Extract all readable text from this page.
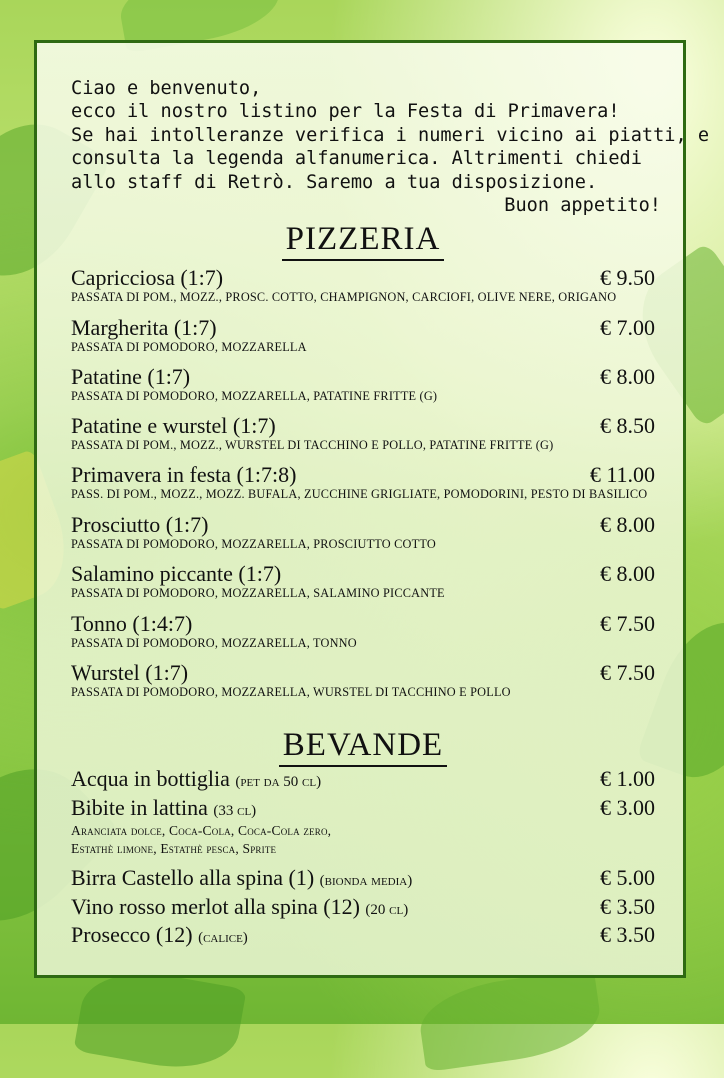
Ciao e benvenuto,
ecco il nostro listino per la Festa di Primavera!
Se hai intolleranze verifica i numeri vicino ai piatti, e
consulta la legenda alfanumerica. Altrimenti chiedi
allo staff di Retrò. Saremo a tua disposizione.
Buon appetito!
PIZZERIA
Capricciosa (1:7)	€ 9.50
PASSATA DI POM., MOZZ., PROSC. COTTO, CHAMPIGNON, CARCIOFI, OLIVE NERE, ORIGANO
Margherita (1:7)	€ 7.00
PASSATA DI POMODORO, MOZZARELLA
Patatine (1:7)	€ 8.00
PASSATA DI POMODORO, MOZZARELLA, PATATINE FRITTE (G)
Patatine e wurstel (1:7)	€ 8.50
PASSATA DI POM., MOZZ., WURSTEL DI TACCHINO E POLLO, PATATINE FRITTE (G)
Primavera in festa (1:7:8)	€ 11.00
PASS. DI POM., MOZZ., MOZZ. BUFALA, ZUCCHINE GRIGLIATE, POMODORINI, PESTO DI BASILICO
Prosciutto (1:7)	€ 8.00
PASSATA DI POMODORO, MOZZARELLA, PROSCIUTTO COTTO
Salamino piccante (1:7)	€ 8.00
PASSATA DI POMODORO, MOZZARELLA, SALAMINO PICCANTE
Tonno (1:4:7)	€ 7.50
PASSATA DI POMODORO, MOZZARELLA, TONNO
Wurstel (1:7)	€ 7.50
PASSATA DI POMODORO, MOZZARELLA, WURSTEL DI TACCHINO E POLLO
BEVANDE
Acqua in bottiglia (pet da 50 cl)	€ 1.00
Bibite in lattina (33 cl)	€ 3.00
Aranciata dolce, Coca-Cola, Coca-Cola zero,
Estathè limone, Estathè pesca, Sprite
Birra Castello alla spina (1) (bionda media)	€ 5.00
Vino rosso merlot alla spina (12) (20 cl)	€ 3.50
Prosecco (12) (calice)	€ 3.50
